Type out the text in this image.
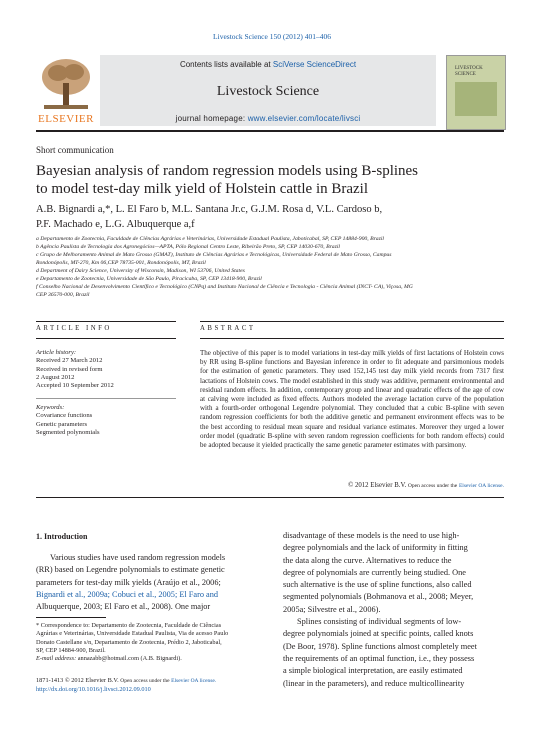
Livestock Science 150 (2012) 401–406
Contents lists available at SciVerse ScienceDirect
Livestock Science
journal homepage: www.elsevier.com/locate/livsci
ELSEVIER
LIVESTOCK
SCIENCE
Short communication
Bayesian analysis of random regression models using B-splines
to model test-day milk yield of Holstein cattle in Brazil
A.B. Bignardi a,*, L. El Faro b, M.L. Santana Jr.c, G.J.M. Rosa d, V.L. Cardoso b,
P.F. Machado e, L.G. Albuquerque a,f
a Departamento de Zootecnia, Faculdade de Ciências Agrárias e Veterinárias, Universidade Estadual Paulista, Jaboticabal, SP, CEP 14884-900, Brazil
b Agência Paulista de Tecnologia dos Agronegócios—APTA, Pólo Regional Centro Leste, Ribeirão Preto, SP, CEP 14030-670, Brazil
c Grupo de Melhoramento Animal de Mato Grosso (GMAT), Instituto de Ciências Agrárias e Tecnológicas, Universidade Federal de Mato Grosso, Campus
Rondonópolis, MT-270, Km 06,CEP 78735-001, Rondonópolis, MT, Brazil
d Department of Dairy Science, University of Wisconsin, Madison, WI 53706, United States
e Departamento de Zootecnia, Universidade de São Paulo, Piracicaba, SP, CEP 13418-900, Brazil
f Conselho Nacional de Desenvolvimento Científico e Tecnológico (CNPq) and Instituto Nacional de Ciência e Tecnologia - Ciência Animal (INCT- CA), Viçosa, MG
CEP 36570-000, Brazil
ARTICLE INFO
Article history:
Received 27 March 2012
Received in revised form
2 August 2012
Accepted 10 September 2012
Keywords:
Covariance functions
Genetic parameters
Segmented polynomials
ABSTRACT
The objective of this paper is to model variations in test-day milk yields of first lactations of Holstein cows by RR using B-spline functions and Bayesian inference in order to fit adequate and parsimonious models for the estimation of genetic parameters. They used 152,145 test day milk yield records from 7317 first lactations of Holstein cows. The model established in this study was additive, permanent environmental and residual random effects. In addition, contemporary group and linear and quadratic effects of the age of cow at calving were included as fixed effects. Authors modeled the average lactation curve of the population with a fourth-order orthogonal Legendre polynomial. They concluded that a cubic B-spline with seven random regression coefficients for both the additive genetic and permanent environment effects was to be the best according to residual mean square and residual variance estimates. Moreover they urged a lower order model (quadratic B-spline with seven random regression coefficients for both random effects) could be adopted because it yielded practically the same genetic parameter estimates with parsimony.
© 2012 Elsevier B.V. Open access under the Elsevier OA license.
1. Introduction
Various studies have used random regression models
(RR) based on Legendre polynomials to estimate genetic
parameters for test-day milk yields (Araújo et al., 2006;
Bignardi et al., 2009a; Cobuci et al., 2005; El Faro and
Albuquerque, 2003; El Faro et al., 2008). One major
disadvantage of these models is the need to use high-
degree polynomials and the lack of uniformity in fitting
the data along the curve. Alternatives to reduce the
degree of polynomials are currently being studied. One
such alternative is the use of spline functions, also called
segmented polynomials (Bohmanova et al., 2008; Meyer,
2005a; Silvestre et al., 2006).
Splines consisting of individual segments of low-
degree polynomials joined at specific points, called knots
(De Boor, 1978). Spline functions almost completely meet
the requirements of an optimal function, i.e., they possess
a simple biological interpretation, are easily estimated
(linear in the parameters), and reduce multicollinearity
* Correspondence to: Departamento de Zootecnia, Faculdade de Ciências
Agrárias e Veterinárias, Universidade Estadual Paulista, Via de acesso Paulo
Donato Castellane s/n, Departamento de Zootecnia, Prédio 2, Jaboticabal,
SP, CEP 14884-900, Brazil.
E-mail address: annazabb@hotmail.com (A.B. Bignardi).
1871-1413 © 2012 Elsevier B.V. Open access under the Elsevier OA license.
http://dx.doi.org/10.1016/j.livsci.2012.09.010
